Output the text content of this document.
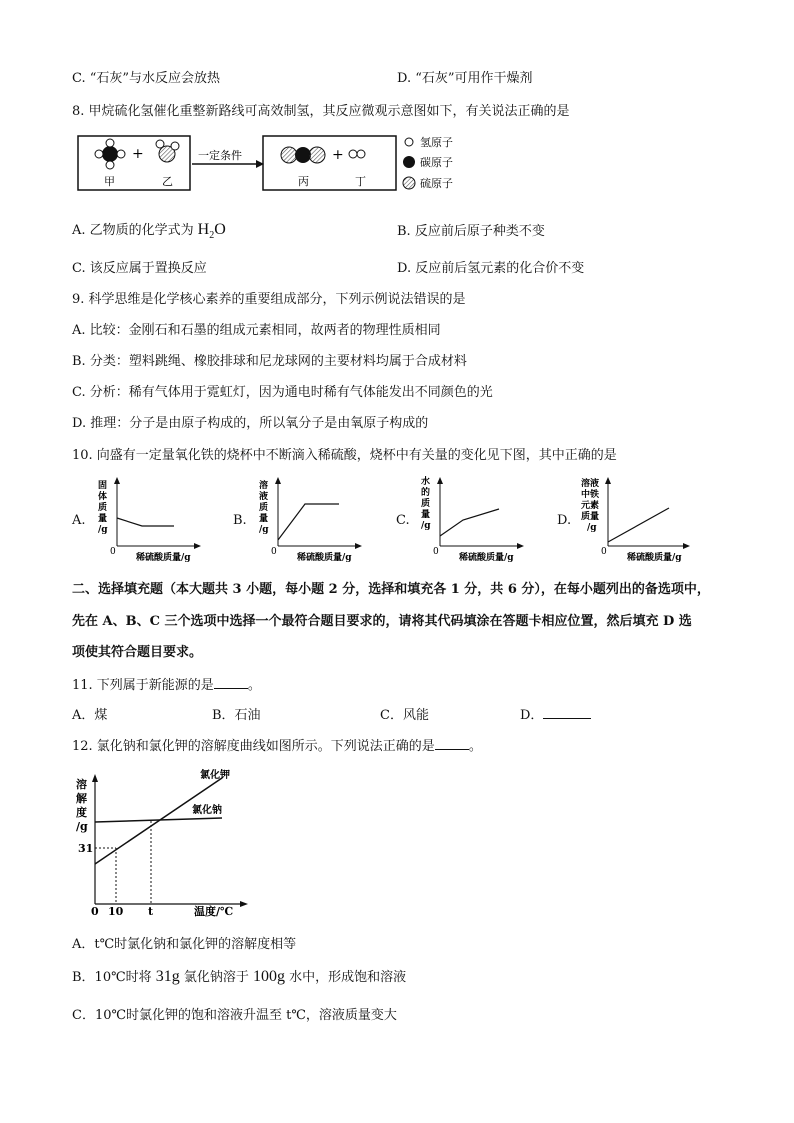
C. “石灰”与水反应会放热	D. “石灰”可用作干燥剂
8. 甲烷硫化氢催化重整新路线可高效制氢，其反应微观示意图如下，有关说法正确的是
+
甲	乙
一定条件	+
丙	丁
氢原子
碳原子
硫原子
A. 乙物质的化学式为 $H_2O$	B. 反应前后原子种类不变
C. 该反应属于置换反应	D. 反应前后氢元素的化合价不变
9. 科学思维是化学核心素养的重要组成部分，下列示例说法错误的是
A. 比较：金刚石和石墨的组成元素相同，故两者的物理性质相同
B. 分类：塑料跳绳、橡胶排球和尼龙球网的主要材料均属于合成材料
C. 分析：稀有气体用于霓虹灯，因为通电时稀有气体能发出不同颜色的光
D. 推理：分子是由原子构成的，所以氧分子是由氧原子构成的
10. 向盛有一定量氧化铁的烧杯中不断滴入稀硫酸，烧杯中有关量的变化见下图，其中正确的是
A.
固
体
质
量
/g
0
稀硫酸质量/g
B.
溶
液
质
量
/g
0
稀硫酸质量/g
C.
水
的
质
量
/g
0
稀硫酸质量/g
D.
溶液
中铁
元素
质量
/g
0
稀硫酸质量/g
二、选择填充题（本大题共 3 小题，每小题 2 分，选择和填充各 1 分，共 6 分），在每小题列出的备选项中，
先在 A、B、C 三个选项中选择一个最符合题目要求的，请将其代码填涂在答题卡相应位置，然后填充 D 选
项使其符合题目要求。
11. 下列属于新能源的是	。
A．煤	B．石油	C．风能	D．
12. 氯化钠和氯化钾的溶解度曲线如图所示。下列说法正确的是	。
溶
解
度
/g
氯化钾
氯化钠
31
0 10 t	温度/℃
A．t℃时氯化钠和氯化钾的溶解度相等
B．10℃时将 31g 氯化钠溶于 100g 水中，形成饱和溶液
C．10℃时氯化钾的饱和溶液升温至 t℃，溶液质量变大
